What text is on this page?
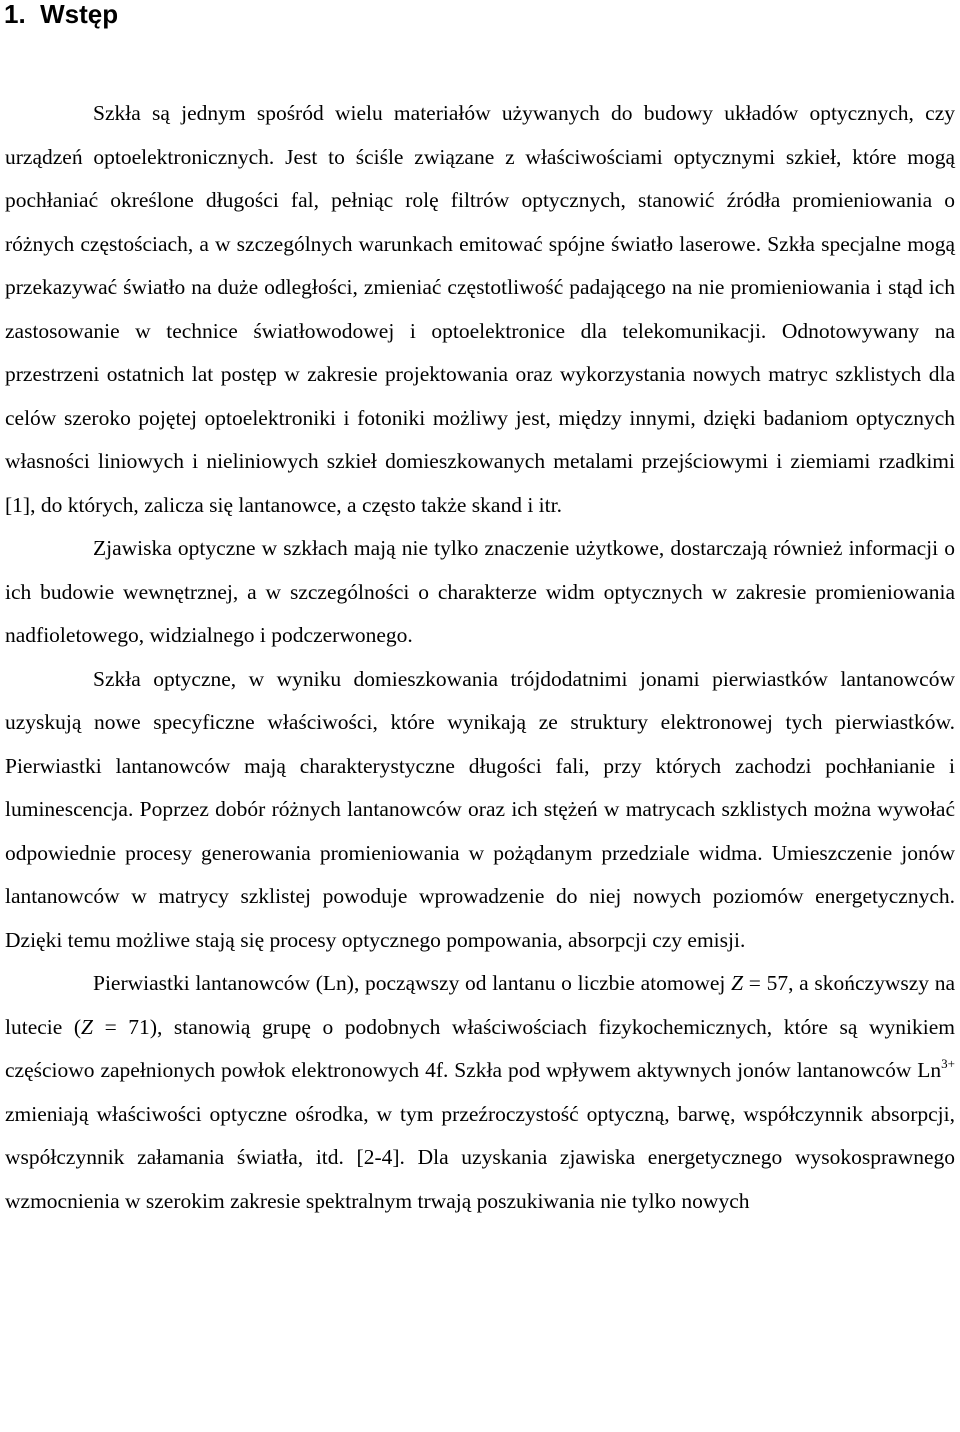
1. Wstęp

Szkła są jednym spośród wielu materiałów używanych do budowy układów optycznych, czy urządzeń optoelektronicznych. Jest to ściśle związane z właściwościami optycznymi szkieł, które mogą pochłaniać określone długości fal, pełniąc rolę filtrów optycznych, stanowić źródła promieniowania o różnych częstościach, a w szczególnych warunkach emitować spójne światło laserowe. Szkła specjalne mogą przekazywać światło na duże odległości, zmieniać częstotliwość padającego na nie promieniowania i stąd ich zastosowanie w technice światłowodowej i optoelektronice dla telekomunikacji. Odnotowywany na przestrzeni ostatnich lat postęp w zakresie projektowania oraz wykorzystania nowych matryc szklistych dla celów szeroko pojętej optoelektroniki i fotoniki możliwy jest, między innymi, dzięki badaniom optycznych własności liniowych i nieliniowych szkieł domieszkowanych metalami przejściowymi i ziemiami rzadkimi [1], do których, zalicza się lantanowce, a często także skand i itr.

Zjawiska optyczne w szkłach mają nie tylko znaczenie użytkowe, dostarczają również informacji o ich budowie wewnętrznej, a w szczególności o charakterze widm optycznych w zakresie promieniowania nadfioletowego, widzialnego i podczerwonego.

Szkła optyczne, w wyniku domieszkowania trójdodatnimi jonami pierwiastków lantanowców uzyskują nowe specyficzne właściwości, które wynikają ze struktury elektronowej tych pierwiastków. Pierwiastki lantanowców mają charakterystyczne długości fali, przy których zachodzi pochłanianie i luminescencja. Poprzez dobór różnych lantanowców oraz ich stężeń w matrycach szklistych można wywołać odpowiednie procesy generowania promieniowania w pożądanym przedziale widma. Umieszczenie jonów lantanowców w matrycy szklistej powoduje wprowadzenie do niej nowych poziomów energetycznych. Dzięki temu możliwe stają się procesy optycznego pompowania, absorpcji czy emisji.

Pierwiastki lantanowców (Ln), począwszy od lantanu o liczbie atomowej Z = 57, a skończywszy na lutecie (Z = 71), stanowią grupę o podobnych właściwościach fizykochemicznych, które są wynikiem częściowo zapełnionych powłok elektronowych 4f. Szkła pod wpływem aktywnych jonów lantanowców $Ln^{3+}$ zmieniają właściwości optyczne ośrodka, w tym przeźroczystość optyczną, barwę, współczynnik absorpcji, współczynnik załamania światła, itd. [2-4]. Dla uzyskania zjawiska energetycznego wysokosprawnego wzmocnienia w szerokim zakresie spektralnym trwają poszukiwania nie tylko nowych
